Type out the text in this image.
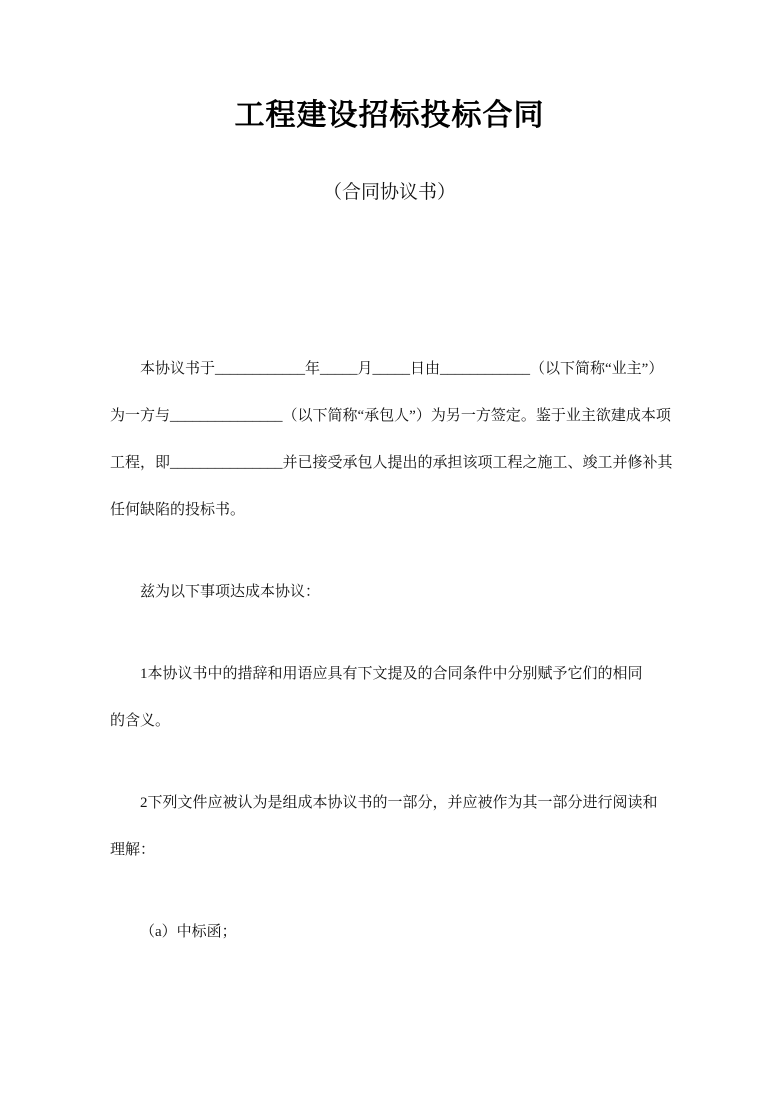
工程建设招标投标合同
（合同协议书）

本协议书于____________年_____月_____日由____________（以下简称“业主”）
为一方与_______________（以下简称“承包人”）为另一方签定。鉴于业主欲建成本项
工程，即_______________并已接受承包人提出的承担该项工程之施工、竣工并修补其
任何缺陷的投标书。

兹为以下事项达成本协议：

1本协议书中的措辞和用语应具有下文提及的合同条件中分别赋予它们的相同
的含义。

2下列文件应被认为是组成本协议书的一部分，并应被作为其一部分进行阅读和
理解：

（a）中标函；
